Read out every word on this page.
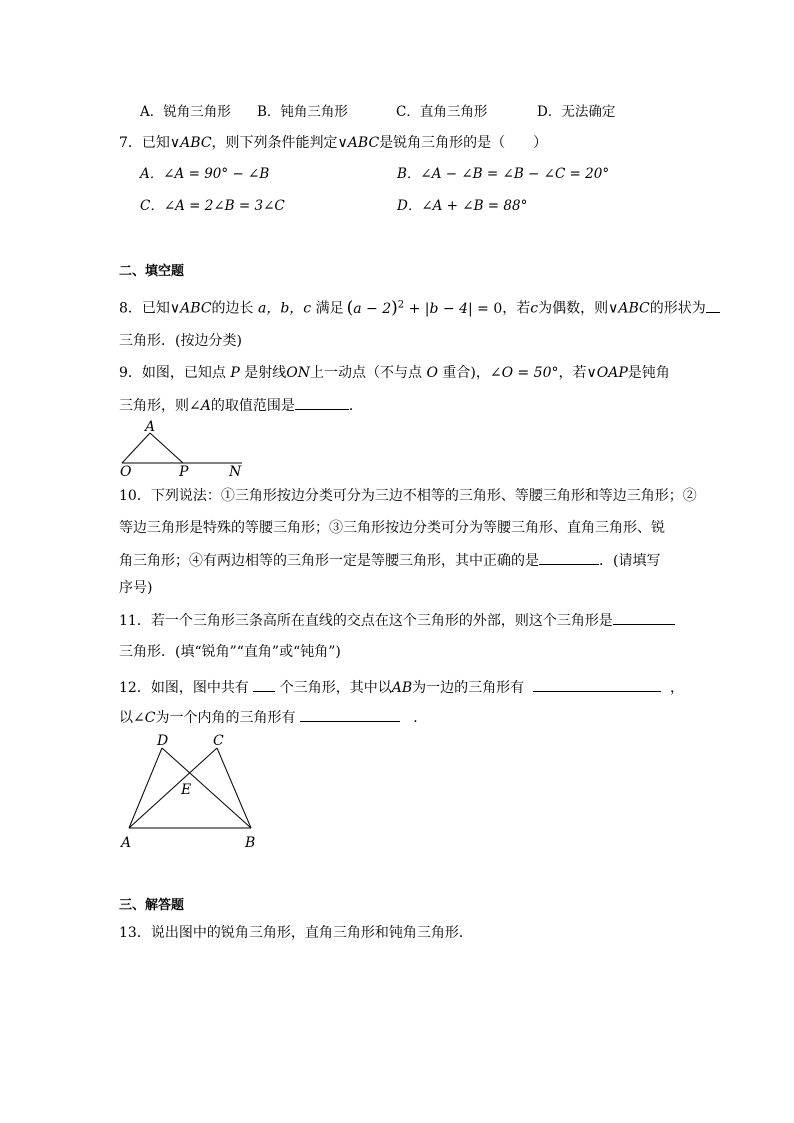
A．锐角三角形 B．钝角三角形	C．直角三角形	D．无法确定
7．已知∨ABC，则下列条件能判定∨ABC是锐角三角形的是（　　）
A．∠A = 90° − ∠B	B．∠A − ∠B = ∠B − ∠C = 20°
C．∠A = 2∠B = 3∠C	D．∠A + ∠B = 88°
二、填空题
8．已知∨ABC的边长 a，b，c 满足 $(a - 2)^2 + |b - 4| = 0$，若c为偶数，则∨ABC的形状为
三角形．(按边分类)
9．如图，已知点 P 是射线ON上一动点（不与点 O 重合)，∠O = 50°，若∨OAP是钝角
三角形，则∠A的取值范围是	．
A
O	P	N
10．下列说法：①三角形按边分类可分为三边不相等的三角形、等腰三角形和等边三角形；②
等边三角形是特殊的等腰三角形；③三角形按边分类可分为等腰三角形、直角三角形、锐
角三角形；④有两边相等的三角形一定是等腰三角形，其中正确的是	．(请填写
序号)
11．若一个三角形三条高所在直线的交点在这个三角形的外部，则这个三角形是
三角形．(填“锐角”“直角”或“钝角”)
12．如图，图中共有 个三角形，其中以AB为一边的三角形有	，
以∠C为一个内角的三角形有	．
D	C
E
A	B
三、解答题
13．说出图中的锐角三角形，直角三角形和钝角三角形．
